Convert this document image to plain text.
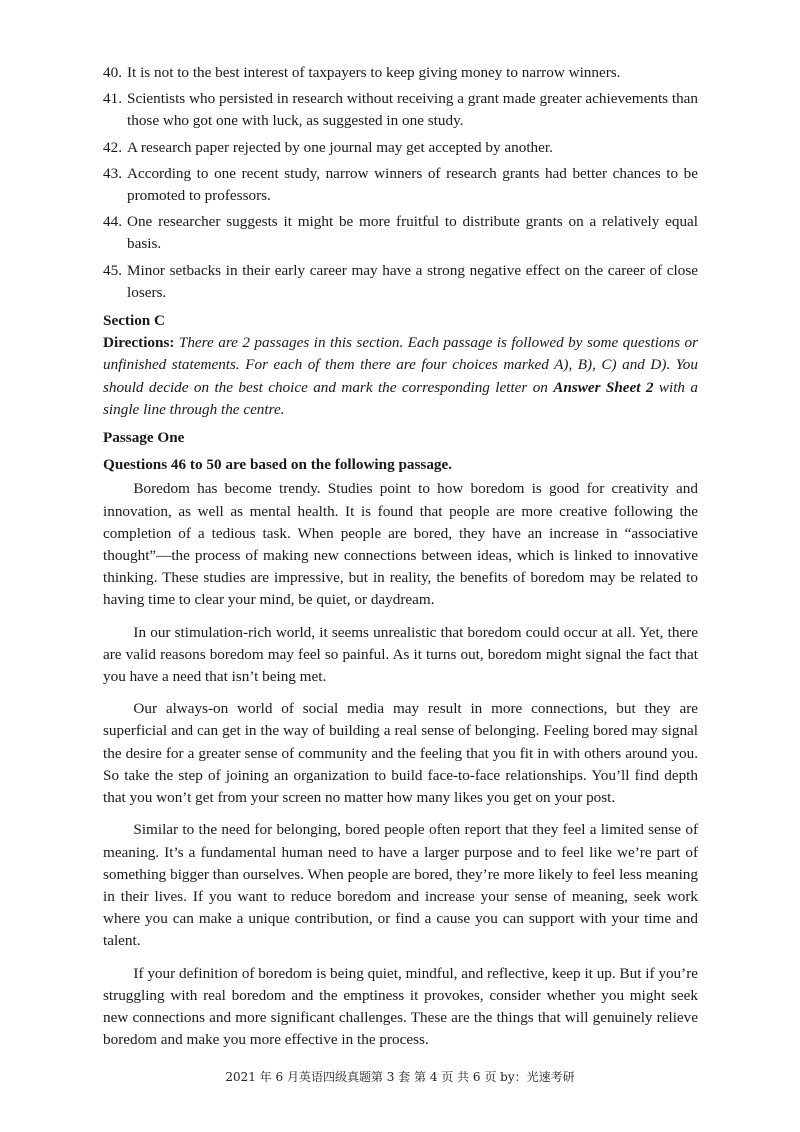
40. It is not to the best interest of taxpayers to keep giving money to narrow winners.
41. Scientists who persisted in research without receiving a grant made greater achievements than those who got one with luck, as suggested in one study.
42. A research paper rejected by one journal may get accepted by another.
43. According to one recent study, narrow winners of research grants had better chances to be promoted to professors.
44. One researcher suggests it might be more fruitful to distribute grants on a relatively equal basis.
45. Minor setbacks in their early career may have a strong negative effect on the career of close losers.
Section C
Directions: There are 2 passages in this section. Each passage is followed by some questions or unfinished statements. For each of them there are four choices marked A), B), C) and D). You should decide on the best choice and mark the corresponding letter on Answer Sheet 2 with a single line through the centre.
Passage One
Questions 46 to 50 are based on the following passage.

Boredom has become trendy. Studies point to how boredom is good for creativity and innovation, as well as mental health. It is found that people are more creative following the completion of a tedious task. When people are bored, they have an increase in “associative thought”—the process of making new connections between ideas, which is linked to innovative thinking. These studies are impressive, but in reality, the benefits of boredom may be related to having time to clear your mind, be quiet, or daydream.

In our stimulation-rich world, it seems unrealistic that boredom could occur at all. Yet, there are valid reasons boredom may feel so painful. As it turns out, boredom might signal the fact that you have a need that isn’t being met.

Our always-on world of social media may result in more connections, but they are superficial and can get in the way of building a real sense of belonging. Feeling bored may signal the desire for a greater sense of community and the feeling that you fit in with others around you. So take the step of joining an organization to build face-to-face relationships. You’ll find depth that you won’t get from your screen no matter how many likes you get on your post.

Similar to the need for belonging, bored people often report that they feel a limited sense of meaning. It’s a fundamental human need to have a larger purpose and to feel like we’re part of something bigger than ourselves. When people are bored, they’re more likely to feel less meaning in their lives. If you want to reduce boredom and increase your sense of meaning, seek work where you can make a unique contribution, or find a cause you can support with your time and talent.

If your definition of boredom is being quiet, mindful, and reflective, keep it up. But if you’re struggling with real boredom and the emptiness it provokes, consider whether you might seek new connections and more significant challenges. These are the things that will genuinely relieve boredom and make you more effective in the process.

2021 年 6 月英语四级真题第 3 套 第 4 页 共 6 页 by：光速考研
